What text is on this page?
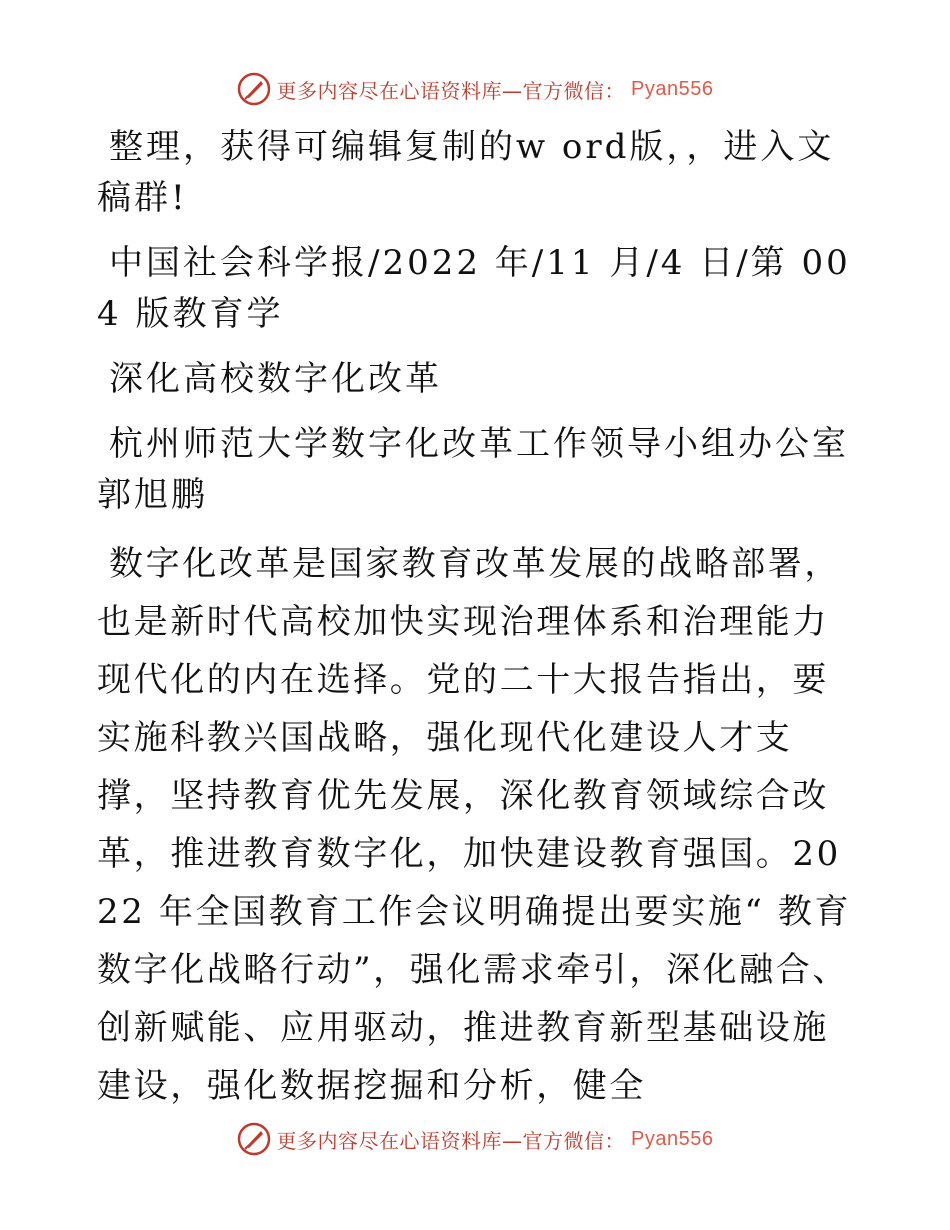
更多内容尽在心语资料库—官方微信： Pyan556

整理，获得可编辑复制的w ord版，，进入文稿群!

中国社会科学报/2022 年/11 月/4 日/第 004 版教育学

深化高校数字化改革

杭州师范大学数字化改革工作领导小组办公室郭旭鹏

数字化改革是国家教育改革发展的战略部署，也是新时代高校加快实现治理体系和治理能力现代化的内在选择。党的二十大报告指出，要实施科教兴国战略，强化现代化建设人才支撑，坚持教育优先发展，深化教育领域综合改革，推进教育数字化，加快建设教育强国。2022 年全国教育工作会议明确提出要实施“ 教育数字化战略行动”，强化需求牵引，深化融合、创新赋能、应用驱动，推进教育新型基础设施建设，强化数据挖掘和分析，健全

更多内容尽在心语资料库—官方微信： Pyan556
